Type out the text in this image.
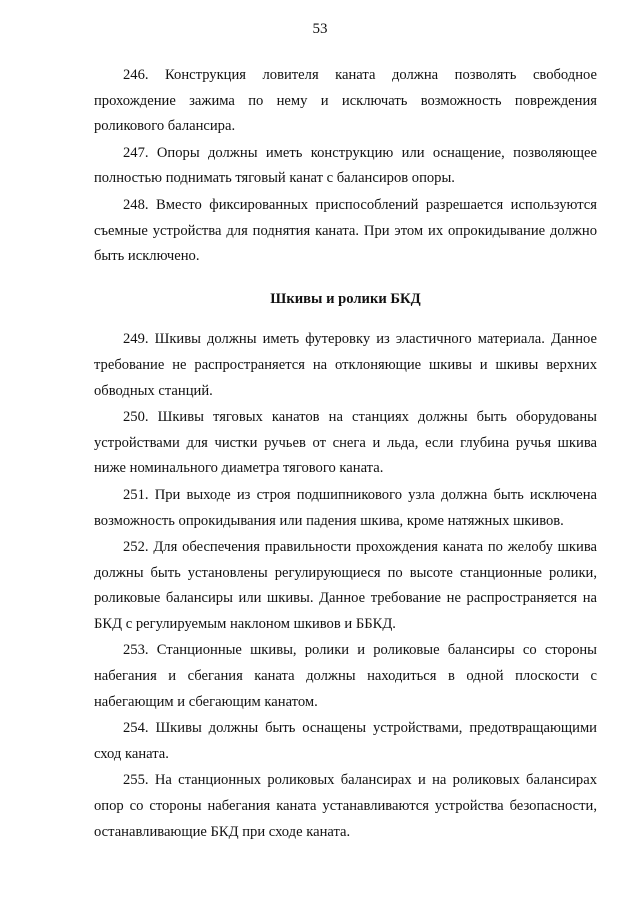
53

246. Конструкция ловителя каната должна позволять свободное прохождение зажима по нему и исключать возможность повреждения роликового балансира.

247. Опоры должны иметь конструкцию или оснащение, позволяющее полностью поднимать тяговый канат с балансиров опоры.

248. Вместо фиксированных приспособлений разрешается используются съемные устройства для поднятия каната. При этом их опрокидывание должно быть исключено.

Шкивы и ролики БКД

249. Шкивы должны иметь футеровку из эластичного материала. Данное требование не распространяется на отклоняющие шкивы и шкивы верхних обводных станций.

250. Шкивы тяговых канатов на станциях должны быть оборудованы устройствами для чистки ручьев от снега и льда, если глубина ручья шкива ниже номинального диаметра тягового каната.

251. При выходе из строя подшипникового узла должна быть исключена возможность опрокидывания или падения шкива, кроме натяжных шкивов.

252. Для обеспечения правильности прохождения каната по желобу шкива должны быть установлены регулирующиеся по высоте станционные ролики, роликовые балансиры или шкивы. Данное требование не распространяется на БКД с регулируемым наклоном шкивов и ББКД.

253. Станционные шкивы, ролики и роликовые балансиры со стороны набегания и сбегания каната должны находиться в одной плоскости с набегающим и сбегающим канатом.

254. Шкивы должны быть оснащены устройствами, предотвращающими сход каната.

255. На станционных роликовых балансирах и на роликовых балансирах опор со стороны набегания каната устанавливаются устройства безопасности, останавливающие БКД при сходе каната.
